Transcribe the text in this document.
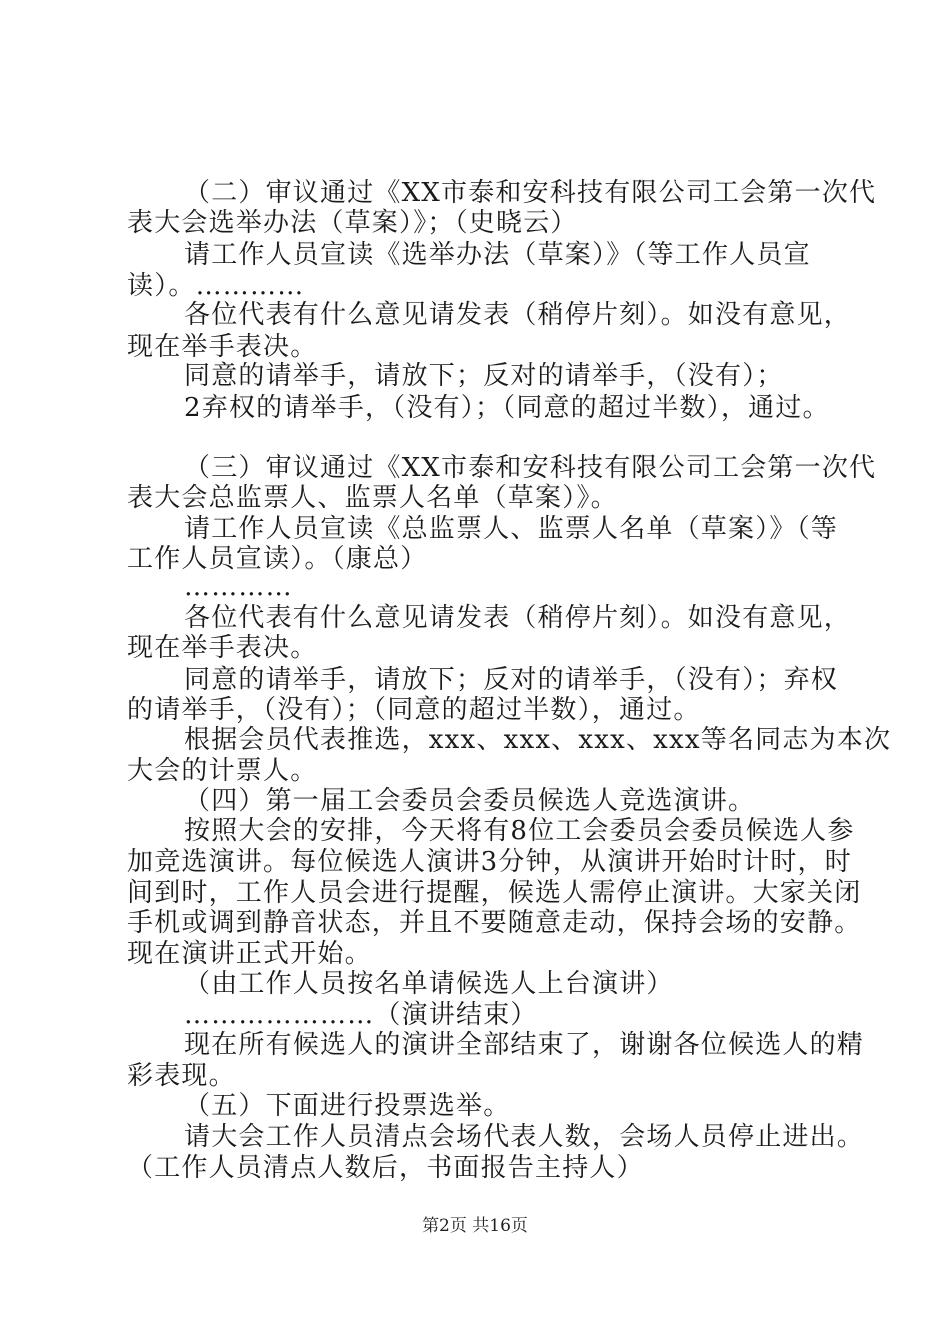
（二）审议通过《XX市泰和安科技有限公司工会第一次代
表大会选举办法（草案）》；（史晓云）
请工作人员宣读《选举办法（草案）》（等工作人员宣
读）。…………
各位代表有什么意见请发表（稍停片刻）。如没有意见，
现在举手表决。
同意的请举手，请放下；反对的请举手，（没有）；
2弃权的请举手，（没有）；（同意的超过半数），通过。
（三）审议通过《XX市泰和安科技有限公司工会第一次代
表大会总监票人、监票人名单（草案）》。
请工作人员宣读《总监票人、监票人名单（草案）》（等
工作人员宣读）。（康总）
…………
各位代表有什么意见请发表（稍停片刻）。如没有意见，
现在举手表决。
同意的请举手，请放下；反对的请举手，（没有）；弃权
的请举手，（没有）；（同意的超过半数），通过。
根据会员代表推选，xxx、xxx、xxx、xxx等名同志为本次
大会的计票人。
（四）第一届工会委员会委员候选人竞选演讲。
按照大会的安排，今天将有8位工会委员会委员候选人参
加竞选演讲。每位候选人演讲3分钟，从演讲开始时计时，时
间到时，工作人员会进行提醒，候选人需停止演讲。大家关闭
手机或调到静音状态，并且不要随意走动，保持会场的安静。
现在演讲正式开始。
（由工作人员按名单请候选人上台演讲）
…………………（演讲结束）
现在所有候选人的演讲全部结束了，谢谢各位候选人的精
彩表现。
（五）下面进行投票选举。
请大会工作人员清点会场代表人数，会场人员停止进出。
（工作人员清点人数后，书面报告主持人）
第2页 共16页
